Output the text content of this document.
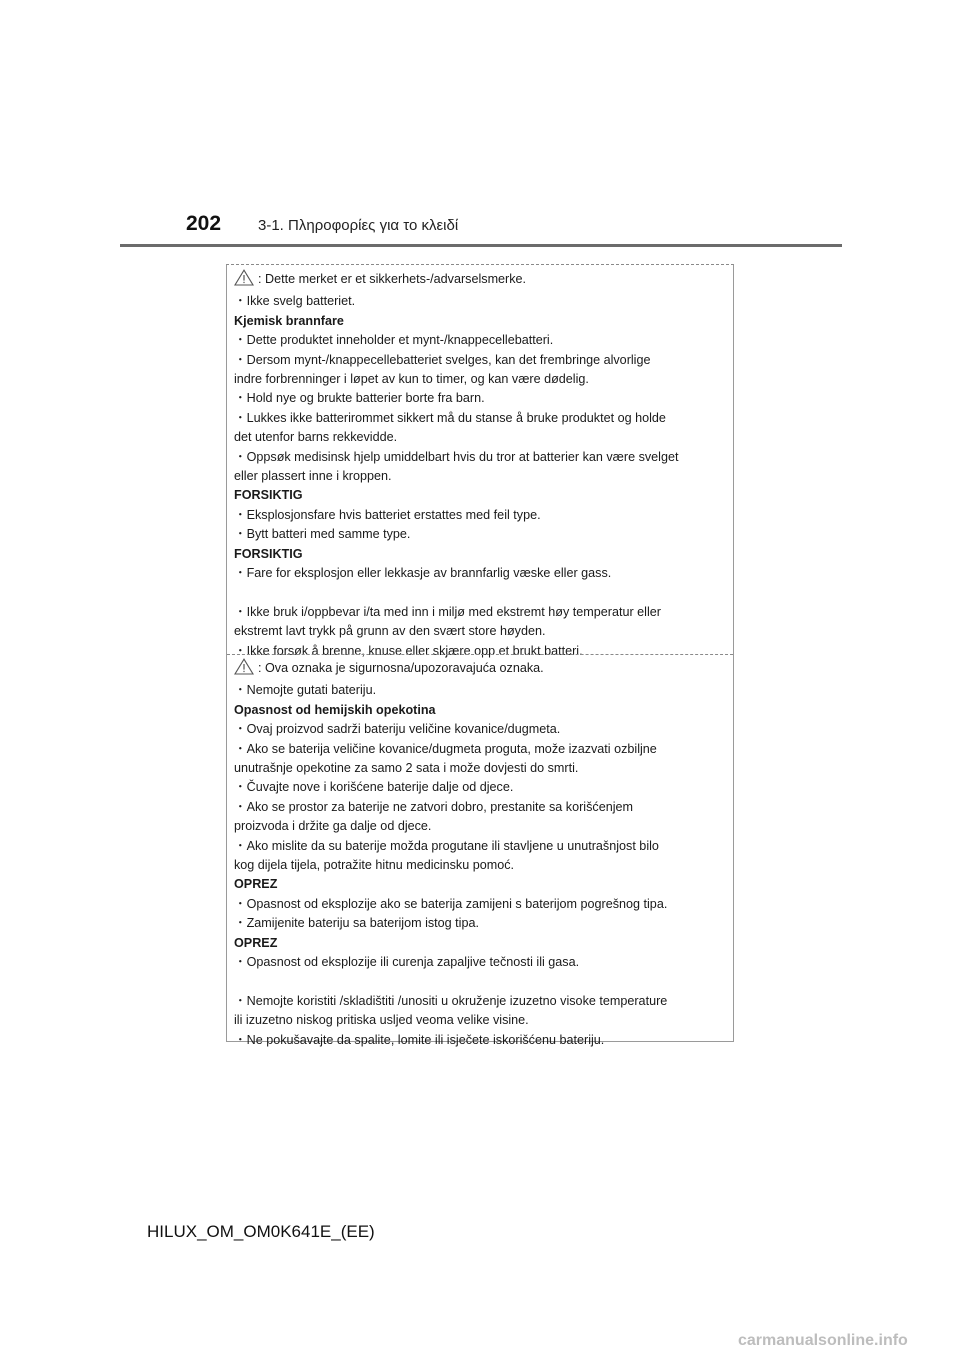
202 3-1. Πληροφορίες για το κλειδί
: Dette merket er et sikkerhets-/advarselsmerke.
・Ikke svelg batteriet.
Kjemisk brannfare
・Dette produktet inneholder et mynt-/knappecellebatteri.
・Dersom mynt-/knappecellebatteriet svelges, kan det frembringe alvorlige
indre forbrenninger i løpet av kun to timer, og kan være dødelig.
・Hold nye og brukte batterier borte fra barn.
・Lukkes ikke batterirommet sikkert må du stanse å bruke produktet og holde
det utenfor barns rekkevidde.
・Oppsøk medisinsk hjelp umiddelbart hvis du tror at batterier kan være svelget
eller plassert inne i kroppen.
FORSIKTIG
・Eksplosjonsfare hvis batteriet erstattes med feil type.
・Bytt batteri med samme type.
FORSIKTIG
・Fare for eksplosjon eller lekkasje av brannfarlig væske eller gass.
・Ikke bruk i/oppbevar i/ta med inn i miljø med ekstremt høy temperatur eller
ekstremt lavt trykk på grunn av den svært store høyden.
・Ikke forsøk å brenne, knuse eller skjære opp et brukt batteri.
: Ova oznaka je sigurnosna/upozoravajuća oznaka.
・Nemojte gutati bateriju.
Opasnost od hemijskih opekotina
・Ovaj proizvod sadrži bateriju veličine kovanice/dugmeta.
・Ako se baterija veličine kovanice/dugmeta proguta, može izazvati ozbiljne
unutrašnje opekotine za samo 2 sata i može dovjesti do smrti.
・Čuvajte nove i korišćene baterije dalje od djece.
・Ako se prostor za baterije ne zatvori dobro, prestanite sa korišćenjem
proizvoda i držite ga dalje od djece.
・Ako mislite da su baterije možda progutane ili stavljene u unutrašnjost bilo
kog dijela tijela, potražite hitnu medicinsku pomoć.
OPREZ
・Opasnost od eksplozije ako se baterija zamijeni s baterijom pogrešnog tipa.
・Zamijenite bateriju sa baterijom istog tipa.
OPREZ
・Opasnost od eksplozije ili curenja zapaljive tečnosti ili gasa.
・Nemojte koristiti /skladištiti /unositi u okruženje izuzetno visoke temperature
ili izuzetno niskog pritiska usljed veoma velike visine.
・Ne pokušavajte da spalite, lomite ili isječete iskorišćenu bateriju.
HILUX_OM_OM0K641E_(EE)
carmanualsonline.info
